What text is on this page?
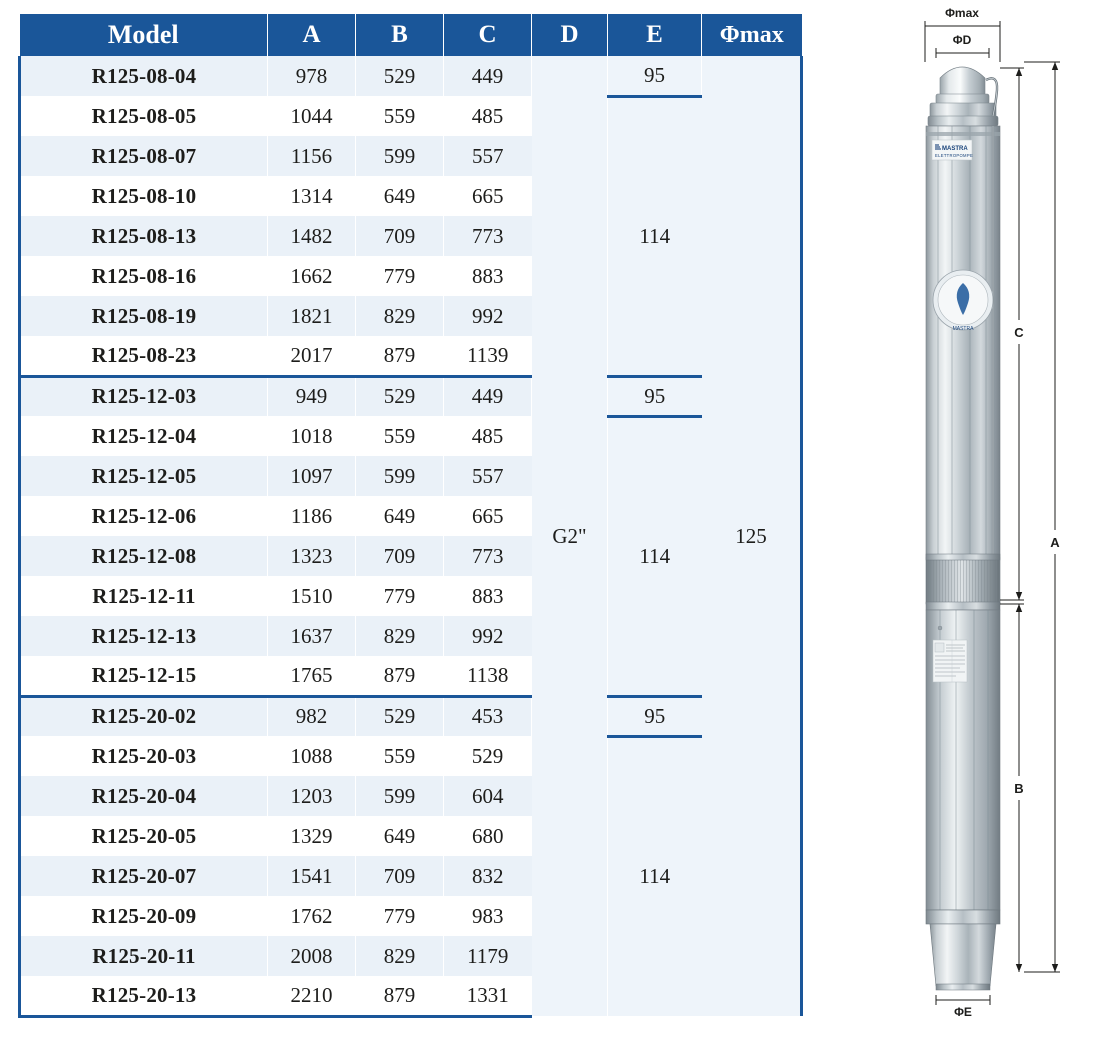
Model	A	B	C	D	E	Φmax
R125-08-04	978	529	449	G2"	95	125
R125-08-05	1044	559	485		114	
R125-08-07	1156	599	557			
R125-08-10	1314	649	665			
R125-08-13	1482	709	773			
R125-08-16	1662	779	883			
R125-08-19	1821	829	992			
R125-08-23	2017	879	1139			
R125-12-03	949	529	449		95	
R125-12-04	1018	559	485		114	
R125-12-05	1097	599	557			
R125-12-06	1186	649	665			
R125-12-08	1323	709	773			
R125-12-11	1510	779	883			
R125-12-13	1637	829	992			
R125-12-15	1765	879	1138			
R125-20-02	982	529	453		95	
R125-20-03	1088	559	529		114	
R125-20-04	1203	599	604			
R125-20-05	1329	649	680			
R125-20-07	1541	709	832			
R125-20-09	1762	779	983			
R125-20-11	2008	829	1179			
R125-20-13	2210	879	1331			
Φmax
ΦD
MASTRA
ELETTROPOMPE
MASTRA
ΦE
C
A
B
